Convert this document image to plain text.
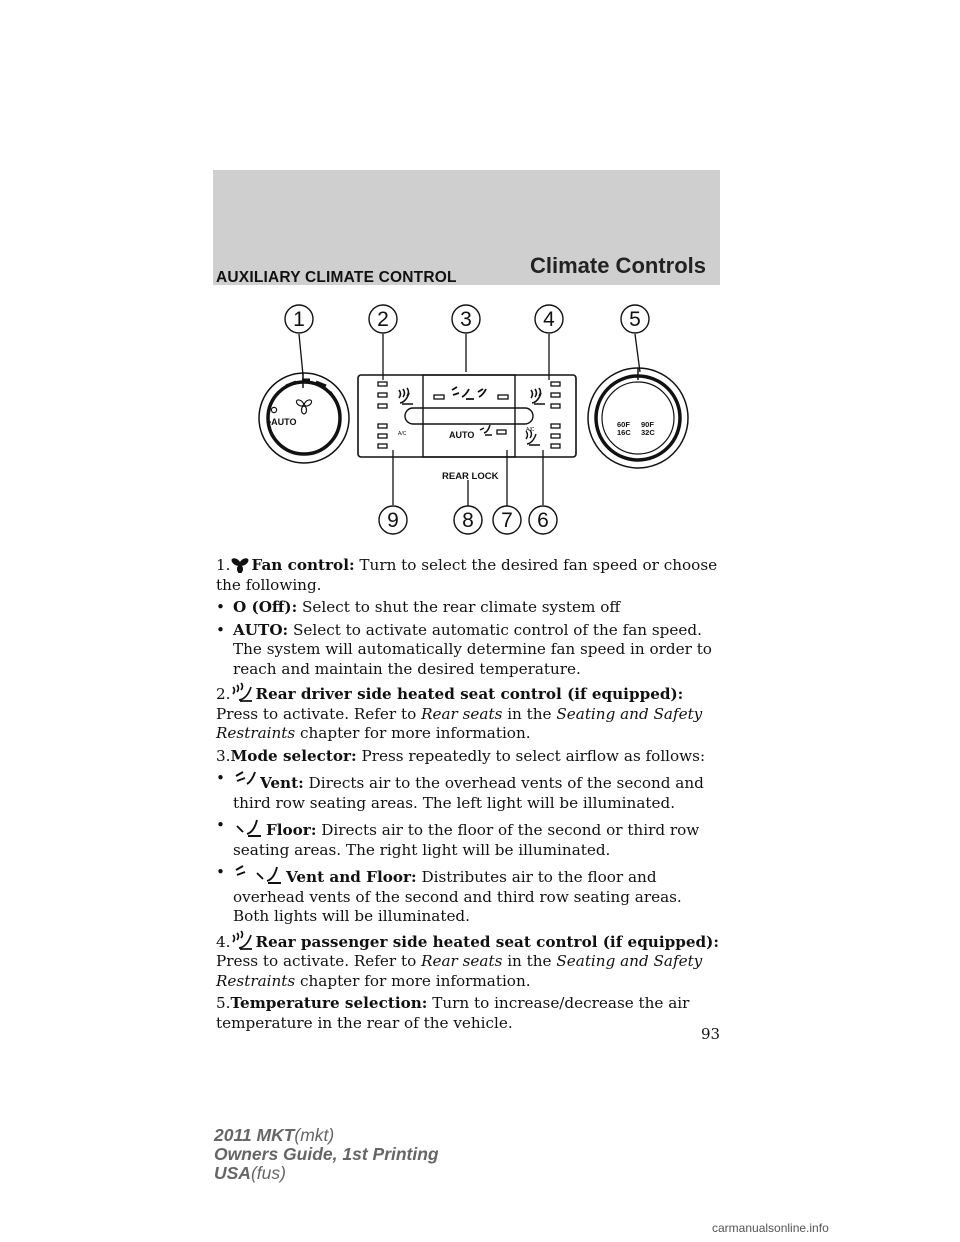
Climate Controls
AUXILIARY CLIMATE CONTROL
1	2	3	4	5
9	8 7 6
•AUTO
AUTO
A/C
A/C
REAR LOCK
60F
16C
90F
32C
1. Fan control: Turn to select the desired fan speed or choose the following.
• O (Off): Select to shut the rear climate system off
• AUTO: Select to activate automatic control of the fan speed. The system will automatically determine fan speed in order to reach and maintain the desired temperature.
2. Rear driver side heated seat control (if equipped): Press to activate. Refer to Rear seats in the Seating and Safety Restraints chapter for more information.
3.Mode selector: Press repeatedly to select airflow as follows:
•	Vent: Directs air to the overhead vents of the second and third row seating areas. The left light will be illuminated.
•	Floor: Directs air to the floor of the second or third row seating areas. The right light will be illuminated.
•	Vent and Floor: Distributes air to the floor and overhead vents of the second and third row seating areas. Both lights will be illuminated.
4. Rear passenger side heated seat control (if equipped): Press to activate. Refer to Rear seats in the Seating and Safety Restraints chapter for more information.
5.Temperature selection: Turn to increase/decrease the air temperature in the rear of the vehicle.
93
2011 MKT(mkt)
Owners Guide, 1st Printing
USA(fus)
carmanualsonline.info
